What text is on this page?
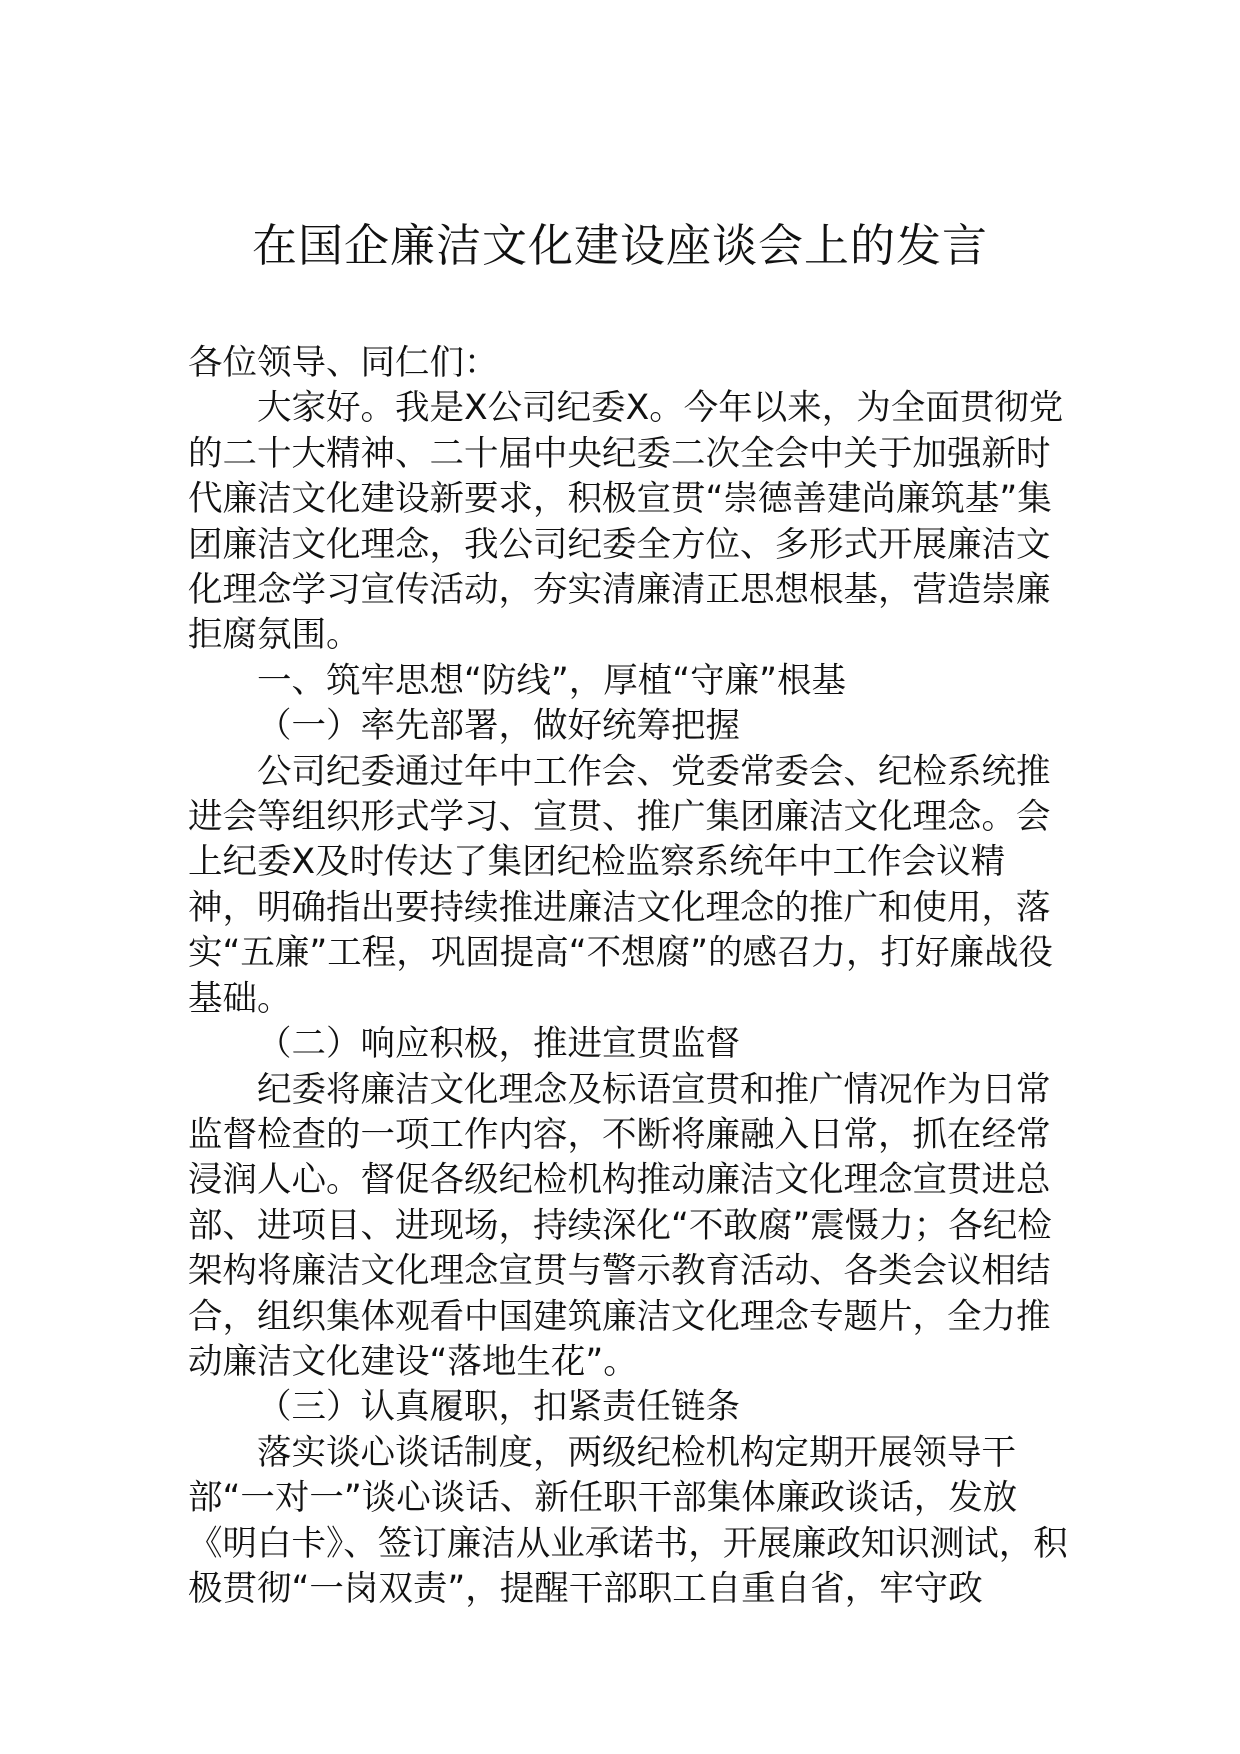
在国企廉洁文化建设座谈会上的发言

各位领导、同仁们：

大家好。我是X公司纪委X。今年以来，为全面贯彻党的二十大精神、二十届中央纪委二次全会中关于加强新时代廉洁文化建设新要求，积极宣贯“崇德善建尚廉筑基”集团廉洁文化理念，我公司纪委全方位、多形式开展廉洁文化理念学习宣传活动，夯实清廉清正思想根基，营造崇廉拒腐氛围。

一、筑牢思想“防线”，厚植“守廉”根基

（一）率先部署，做好统筹把握

公司纪委通过年中工作会、党委常委会、纪检系统推进会等组织形式学习、宣贯、推广集团廉洁文化理念。会上纪委X及时传达了集团纪检监察系统年中工作会议精神，明确指出要持续推进廉洁文化理念的推广和使用，落实“五廉”工程，巩固提高“不想腐”的感召力，打好廉战役基础。

（二）响应积极，推进宣贯监督

纪委将廉洁文化理念及标语宣贯和推广情况作为日常监督检查的一项工作内容，不断将廉融入日常，抓在经常浸润人心。督促各级纪检机构推动廉洁文化理念宣贯进总部、进项目、进现场，持续深化“不敢腐”震慑力；各纪检架构将廉洁文化理念宣贯与警示教育活动、各类会议相结合，组织集体观看中国建筑廉洁文化理念专题片，全力推动廉洁文化建设“落地生花”。

（三）认真履职，扣紧责任链条

落实谈心谈话制度，两级纪检机构定期开展领导干部“一对一”谈心谈话、新任职干部集体廉政谈话，发放《明白卡》、签订廉洁从业承诺书，开展廉政知识测试，积极贯彻“一岗双责”，提醒干部职工自重自省，牢守政
